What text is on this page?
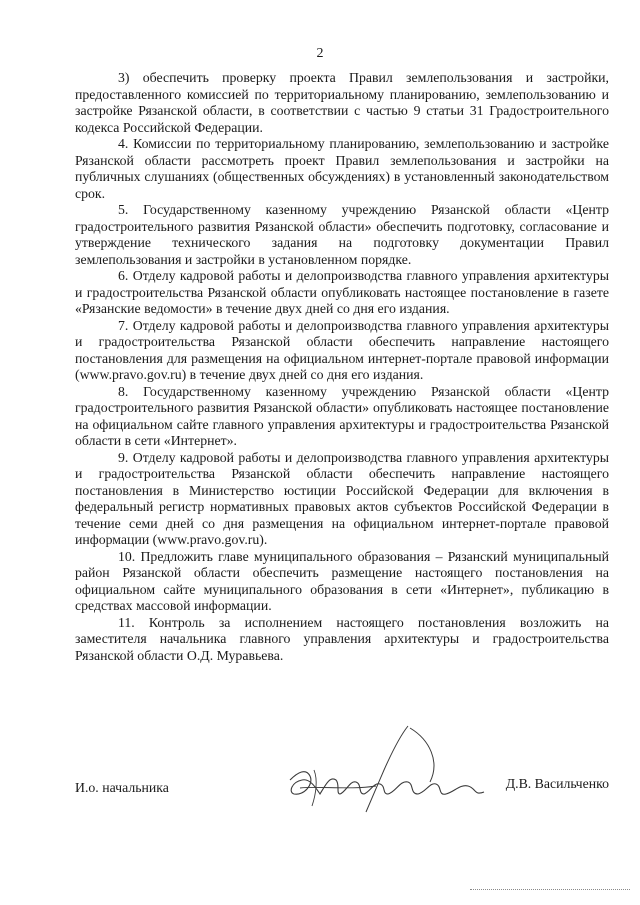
2

3) обеспечить проверку проекта Правил землепользования и застройки, предоставленного комиссией по территориальному планированию, землепользованию и застройке Рязанской области, в соответствии с частью 9 статьи 31 Градостроительного кодекса Российской Федерации.

4. Комиссии по территориальному планированию, землепользованию и застройке Рязанской области рассмотреть проект Правил землепользования и застройки на публичных слушаниях (общественных обсуждениях) в установленный законодательством срок.

5. Государственному казенному учреждению Рязанской области «Центр градостроительного развития Рязанской области» обеспечить подготовку, согласование и утверждение технического задания на подготовку документации Правил землепользования и застройки в установленном порядке.

6. Отделу кадровой работы и делопроизводства главного управления архитектуры и градостроительства Рязанской области опубликовать настоящее постановление в газете «Рязанские ведомости» в течение двух дней со дня его издания.

7. Отделу кадровой работы и делопроизводства главного управления архитектуры и градостроительства Рязанской области обеспечить направление настоящего постановления для размещения на официальном интернет-портале правовой информации (www.pravo.gov.ru) в течение двух дней со дня его издания.

8. Государственному казенному учреждению Рязанской области «Центр градостроительного развития Рязанской области» опубликовать настоящее постановление на официальном сайте главного управления архитектуры и градостроительства Рязанской области в сети «Интернет».

9. Отделу кадровой работы и делопроизводства главного управления архитектуры и градостроительства Рязанской области обеспечить направление настоящего постановления в Министерство юстиции Российской Федерации для включения в федеральный регистр нормативных правовых актов субъектов Российской Федерации в течение семи дней со дня размещения на официальном интернет-портале правовой информации (www.pravo.gov.ru).

10. Предложить главе муниципального образования – Рязанский муниципальный район Рязанской области обеспечить размещение настоящего постановления на официальном сайте муниципального образования в сети «Интернет», публикацию в средствах массовой информации.

11. Контроль за исполнением настоящего постановления возложить на заместителя начальника главного управления архитектуры и градостроительства Рязанской области О.Д. Муравьева.

И.о. начальника	Д.В. Васильченко
